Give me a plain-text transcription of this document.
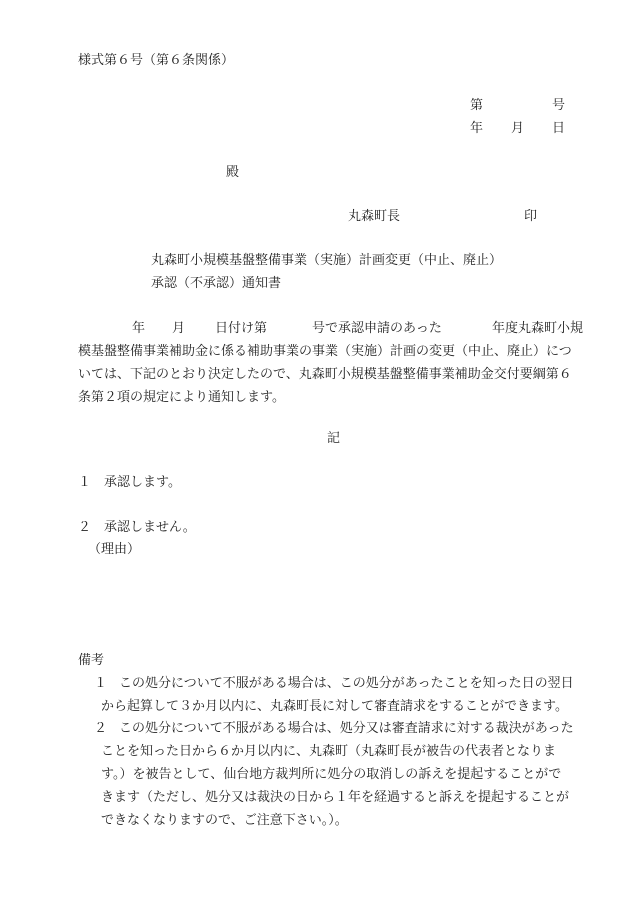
様式第６号（第６条関係）
第	号
年 月 日
殿
丸森町長	印
丸森町小規模基盤整備事業（実施）計画変更（中止、廃止）
承認（不承認）通知書
年 月 日付け第	号で承認申請のあった	年度丸森町小規
模基盤整備事業補助金に係る補助事業の事業（実施）計画の変更（中止、廃止）につ
いては、下記のとおり決定したので、丸森町小規模基盤整備事業補助金交付要綱第６
条第２項の規定により通知します。
記
１ 承認します。
２ 承認しません。
（理由）
備考
１ この処分について不服がある場合は、この処分があったことを知った日の翌日
から起算して３か月以内に、丸森町長に対して審査請求をすることができます。
２ この処分について不服がある場合は、処分又は審査請求に対する裁決があった
ことを知った日から６か月以内に、丸森町（丸森町長が被告の代表者となりま
す。）を被告として、仙台地方裁判所に処分の取消しの訴えを提起することがで
きます（ただし、処分又は裁決の日から１年を経過すると訴えを提起することが
できなくなりますので、ご注意下さい。）。
